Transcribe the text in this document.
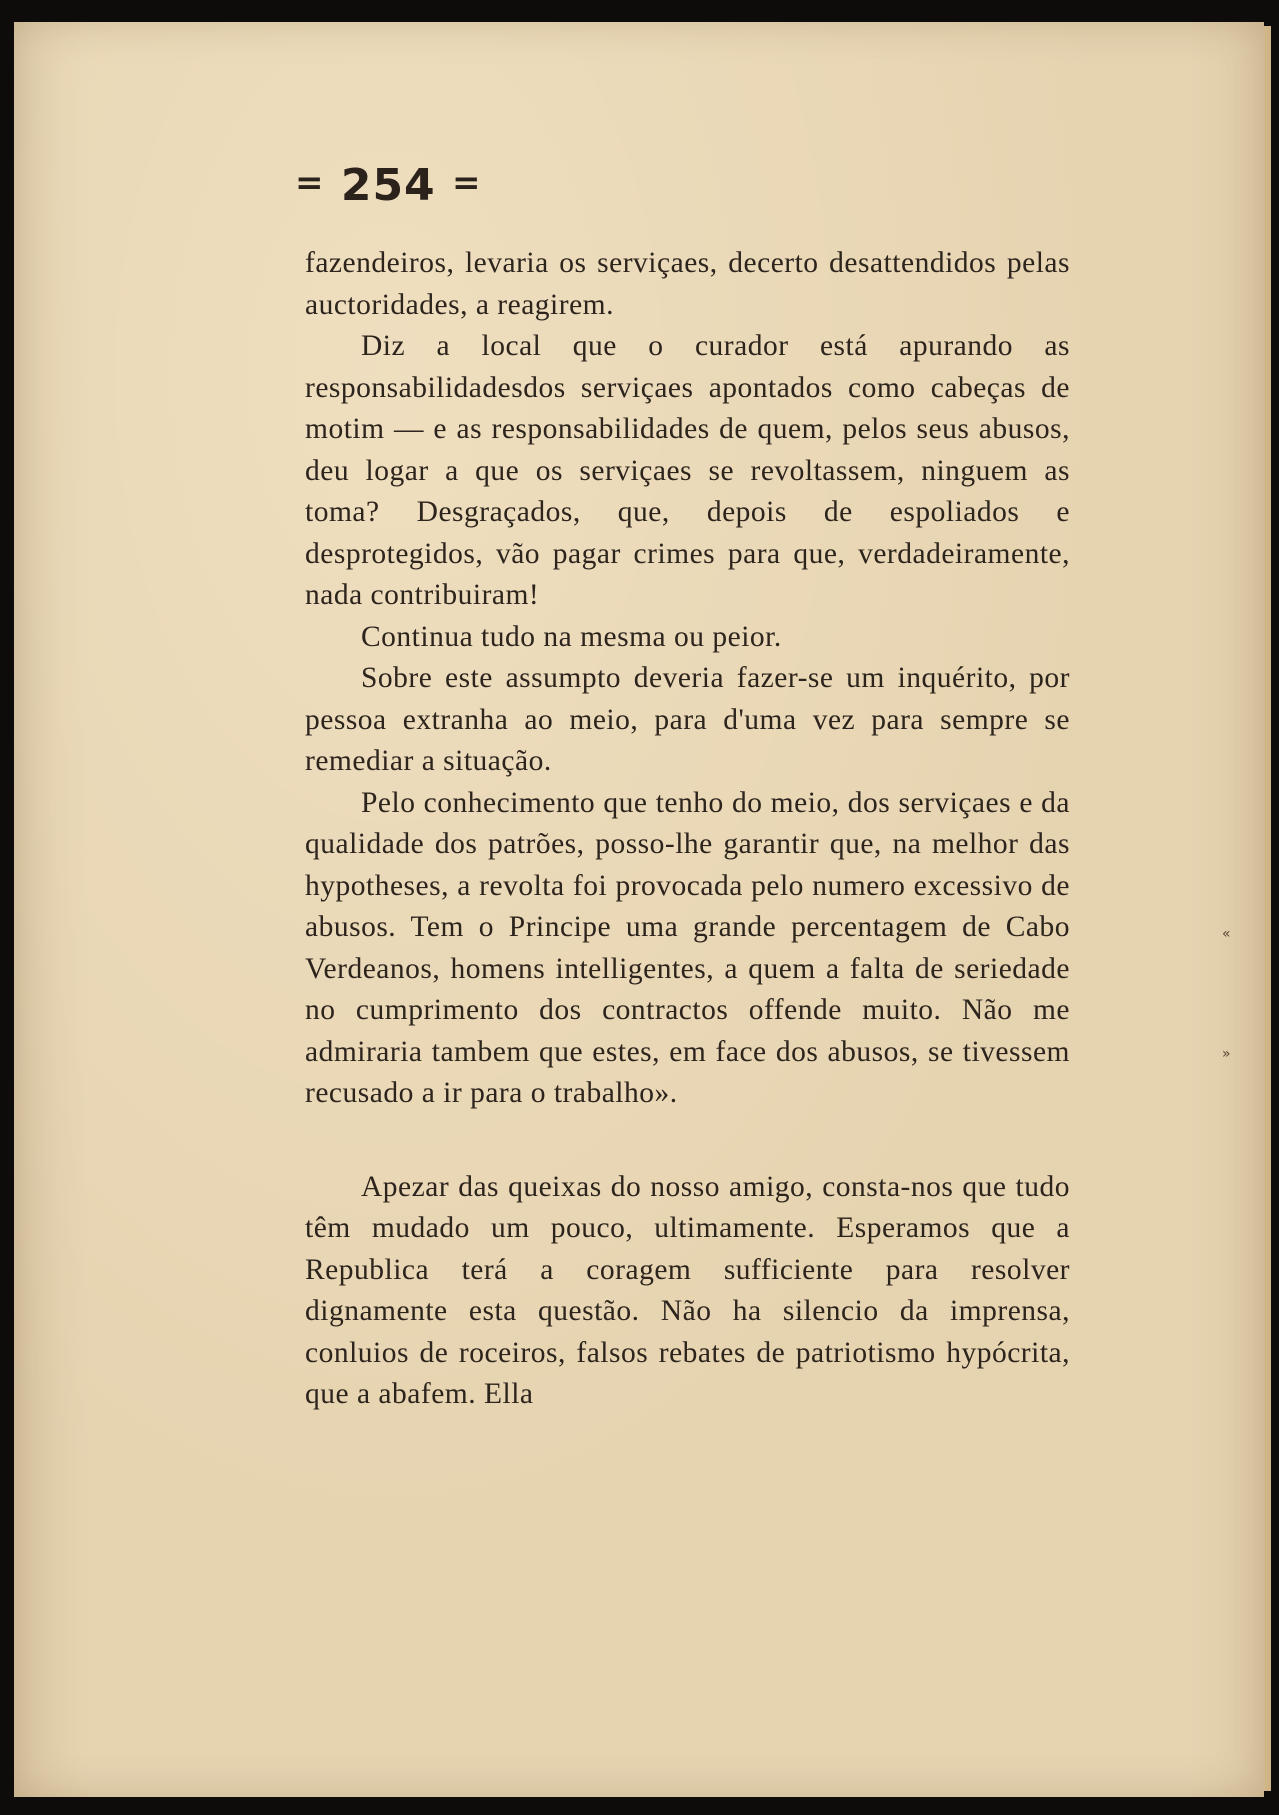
= 254 =

fazendeiros, levaria os serviçaes, decerto desattendidos pelas auctoridades, a reagirem.

Diz a local que o curador está apurando as responsabilidadesdos serviçaes apontados como cabeças de motim — e as responsabilidades de quem, pelos seus abusos, deu logar a que os serviçaes se revoltassem, ninguem as toma? Desgraçados, que, depois de espoliados e desprotegidos, vão pagar crimes para que, verdadeiramente, nada contribuiram!

Continua tudo na mesma ou peior.

Sobre este assumpto deveria fazer-se um inquérito, por pessoa extranha ao meio, para d'uma vez para sempre se remediar a situação.

Pelo conhecimento que tenho do meio, dos serviçaes e da qualidade dos patrões, posso-lhe garantir que, na melhor das hypotheses, a revolta foi provocada pelo numero excessivo de abusos. Tem o Principe uma grande percentagem de Cabo Verdeanos, homens intelligentes, a quem a falta de seriedade no cumprimento dos contractos offende muito. Não me admiraria tambem que estes, em face dos abusos, se tivessem recusado a ir para o trabalho».

Apezar das queixas do nosso amigo, consta-nos que tudo têm mudado um pouco, ultimamente. Esperamos que a Republica terá a coragem sufficiente para resolver dignamente esta questão. Não ha silencio da imprensa, conluios de roceiros, falsos rebates de patriotismo hypócrita, que a abafem. Ella

«
»
